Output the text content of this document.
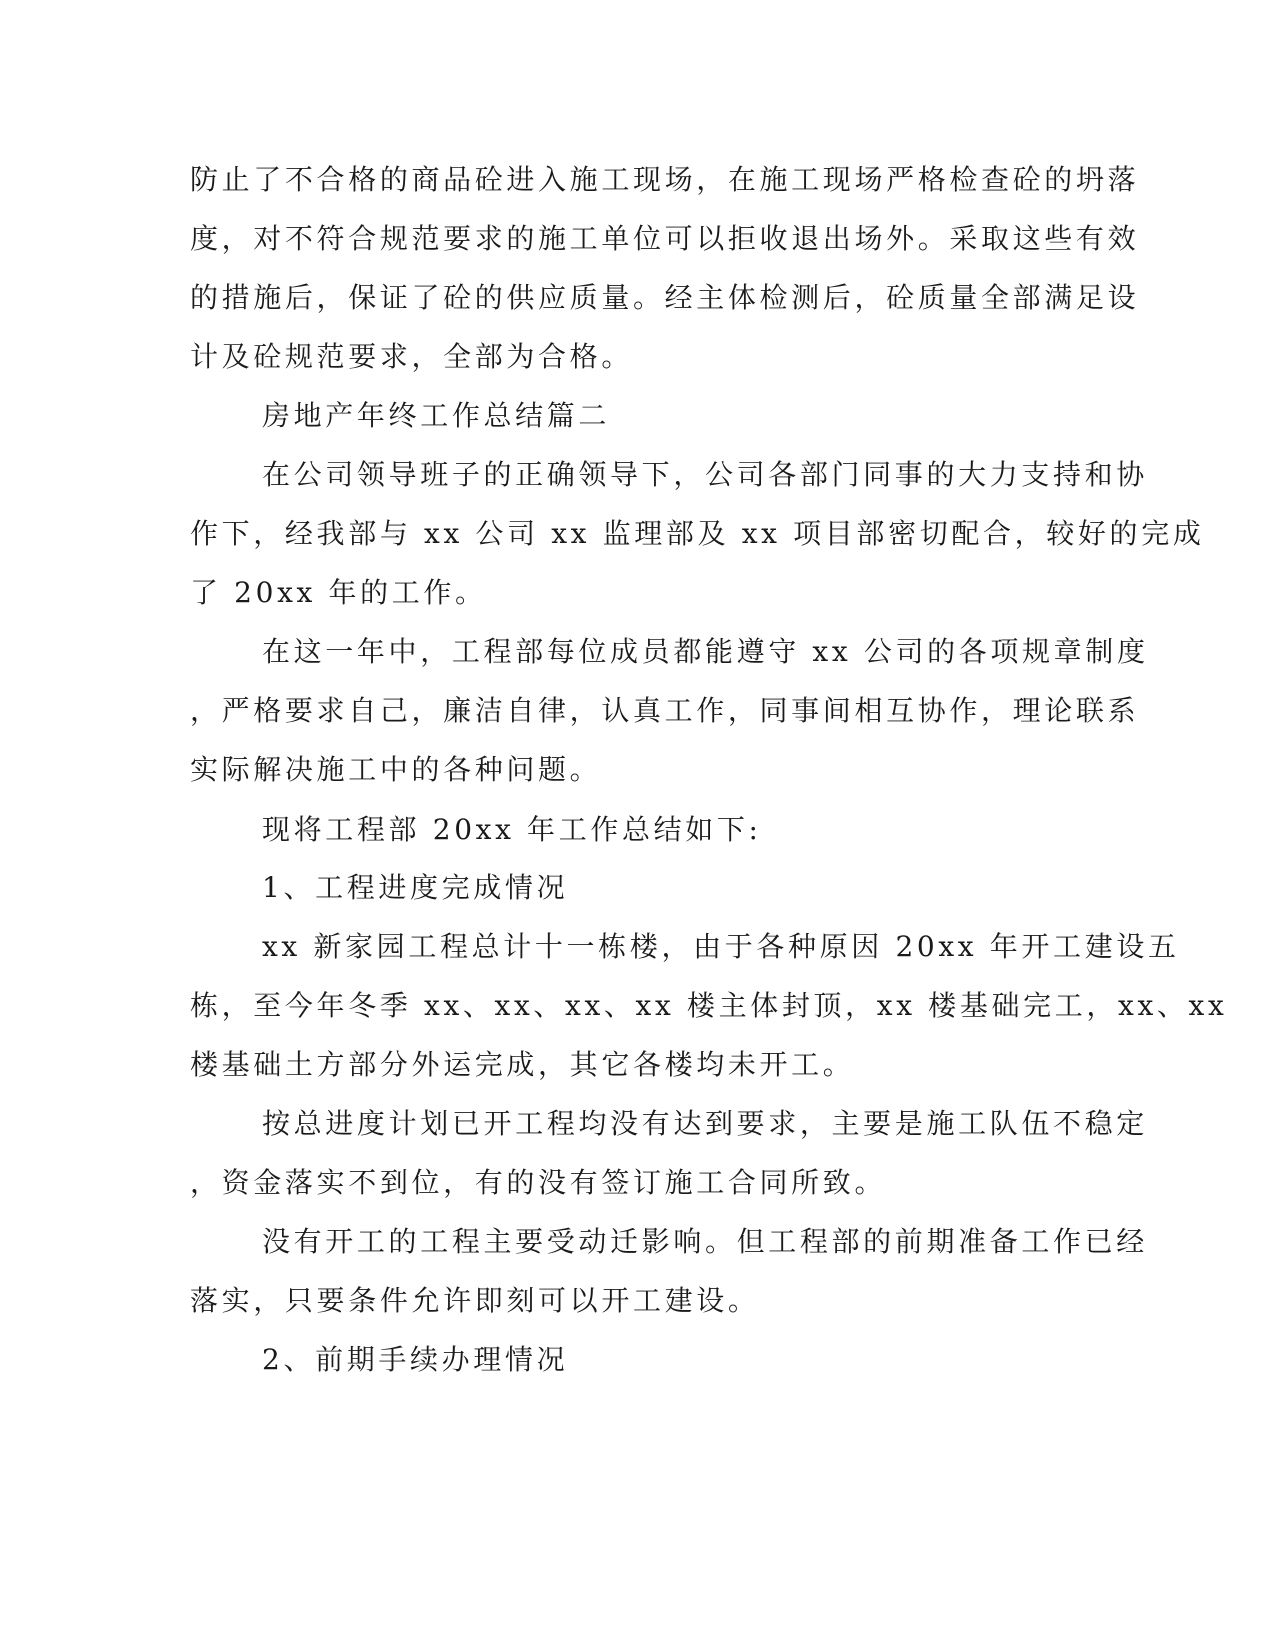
防止了不合格的商品砼进入施工现场，在施工现场严格检查砼的坍落
度，对不符合规范要求的施工单位可以拒收退出场外。采取这些有效
的措施后，保证了砼的供应质量。经主体检测后，砼质量全部满足设
计及砼规范要求，全部为合格。
房地产年终工作总结篇二
在公司领导班子的正确领导下，公司各部门同事的大力支持和协
作下，经我部与 xx 公司 xx 监理部及 xx 项目部密切配合，较好的完成
了 20xx 年的工作。
在这一年中，工程部每位成员都能遵守 xx 公司的各项规章制度
，严格要求自己，廉洁自律，认真工作，同事间相互协作，理论联系
实际解决施工中的各种问题。
现将工程部 20xx 年工作总结如下:
1、工程进度完成情况
xx 新家园工程总计十一栋楼，由于各种原因 20xx 年开工建设五
栋，至今年冬季 xx、xx、xx、xx 楼主体封顶，xx 楼基础完工，xx、xx
楼基础土方部分外运完成，其它各楼均未开工。
按总进度计划已开工程均没有达到要求，主要是施工队伍不稳定
，资金落实不到位，有的没有签订施工合同所致。
没有开工的工程主要受动迁影响。但工程部的前期准备工作已经
落实，只要条件允许即刻可以开工建设。
2、前期手续办理情况
